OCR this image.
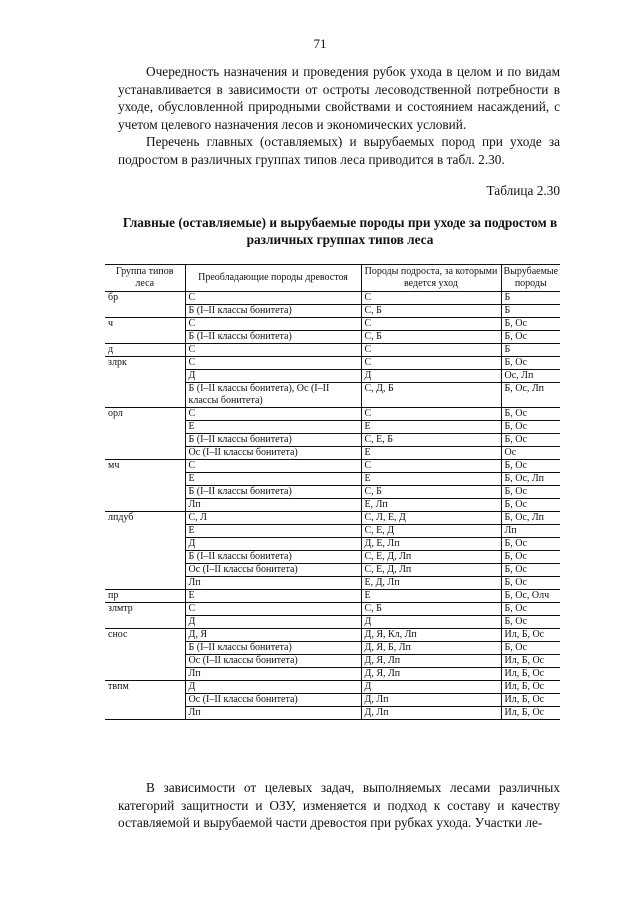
71

Очередность назначения и проведения рубок ухода в целом и по видам устанавливается в зависимости от остроты лесоводственной потребности в уходе, обусловленной природными свойствами и состоянием насаждений, с учетом целевого назначения лесов и экономических условий.

Перечень главных (оставляемых) и вырубаемых пород при уходе за подростом в различных группах типов леса приводится в табл. 2.30.

Таблица 2.30
Главные (оставляемые) и вырубаемые породы при уходе за подростом в различных группах типов леса
Группа типов леса	Преобладающие породы древостоя	Породы подроста, за которыми ведется уход	Вырубаемые породы
бр	С	С	Б
	Б (I–II классы бонитета)	С, Б	Б
ч	С	С	Б, Ос
	Б (I–II классы бонитета)	С, Б	Б, Ос
д	С	С	Б
злрк	С	С	Б, Ос
	Д	Д	Ос, Лп
	Б (I–II классы бонитета), Ос (I–II классы бонитета)	С, Д, Б	Б, Ос, Лп
орл	С	С	Б, Ос
	Е	Е	Б, Ос
	Б (I–II классы бонитета)	С, Е, Б	Б, Ос
	Ос (I–II классы бонитета)	Е	Ос
мч	С	С	Б, Ос
	Е	Е	Б, Ос, Лп
	Б (I–II классы бонитета)	С, Б	Б, Ос
	Лп	Е, Лп	Б, Ос
лпдуб	С, Л	С, Л, Е, Д	Б, Ос, Лп
	Е	С, Е, Д	Лп
	Д	Д, Е, Лп	Б, Ос
	Б (I–II классы бонитета)	С, Е, Д, Лп	Б, Ос
	Ос (I–II классы бонитета)	С, Е, Д, Лп	Б, Ос
	Лп	Е, Д, Лп	Б, Ос
пр	Е	Е	Б, Ос, Олч
злмтр	С	С, Б	Б, Ос
	Д	Д	Б, Ос
снос	Д, Я	Д, Я, Кл, Лп	Ил, Б, Ос
	Б (I–II классы бонитета)	Д, Я, Б, Лп	Б, Ос
	Ос (I–II классы бонитета)	Д, Я, Лп	Ил, Б, Ос
	Лп	Д, Я, Лп	Ил, Б, Ос
твпм	Д	Д	Ил, Б, Ос
	Ос (I–II классы бонитета)	Д, Лп	Ил, Б, Ос
	Лп	Д, Лп	Ил, Б, Ос

В зависимости от целевых задач, выполняемых лесами различных категорий защитности и ОЗУ, изменяется и подход к составу и качеству оставляемой и вырубаемой части древостоя при рубках ухода. Участки ле-
